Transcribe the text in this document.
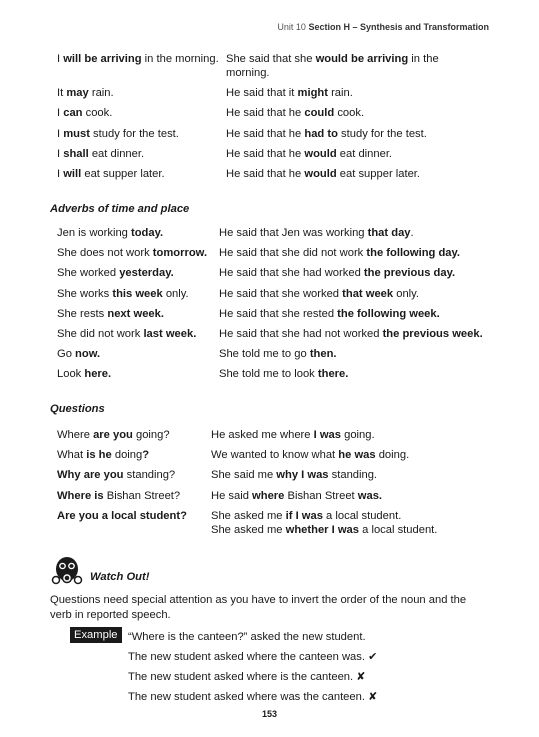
Unit 10 Section H – Synthesis and Transformation
I will be arriving in the morning.	She said that she would be arriving in the morning.
It may rain.	He said that it might rain.
I can cook.	He said that he could cook.
I must study for the test.	He said that he had to study for the test.
I shall eat dinner.	He said that he would eat dinner.
I will eat supper later.	He said that he would eat supper later.
Adverbs of time and place
Jen is working today.	He said that Jen was working that day.
She does not work tomorrow.	He said that she did not work the following day.
She worked yesterday.	He said that she had worked the previous day.
She works this week only.	He said that she worked that week only.
She rests next week.	He said that she rested the following week.
She did not work last week.	He said that she had not worked the previous week.
Go now.	She told me to go then.
Look here.	She told me to look there.
Questions
Where are you going?	He asked me where I was going.
What is he doing?	We wanted to know what he was doing.
Why are you standing?	She said me why I was standing.
Where is Bishan Street?	He said where Bishan Street was.
Are you a local student?	She asked me if I was a local student.
She asked me whether I was a local student.
Watch Out!
Questions need special attention as you have to invert the order of the noun and the verb in reported speech.
Example “Where is the canteen?” asked the new student.
The new student asked where the canteen was. ✔
The new student asked where is the canteen. ✘
The new student asked where was the canteen. ✘
153
